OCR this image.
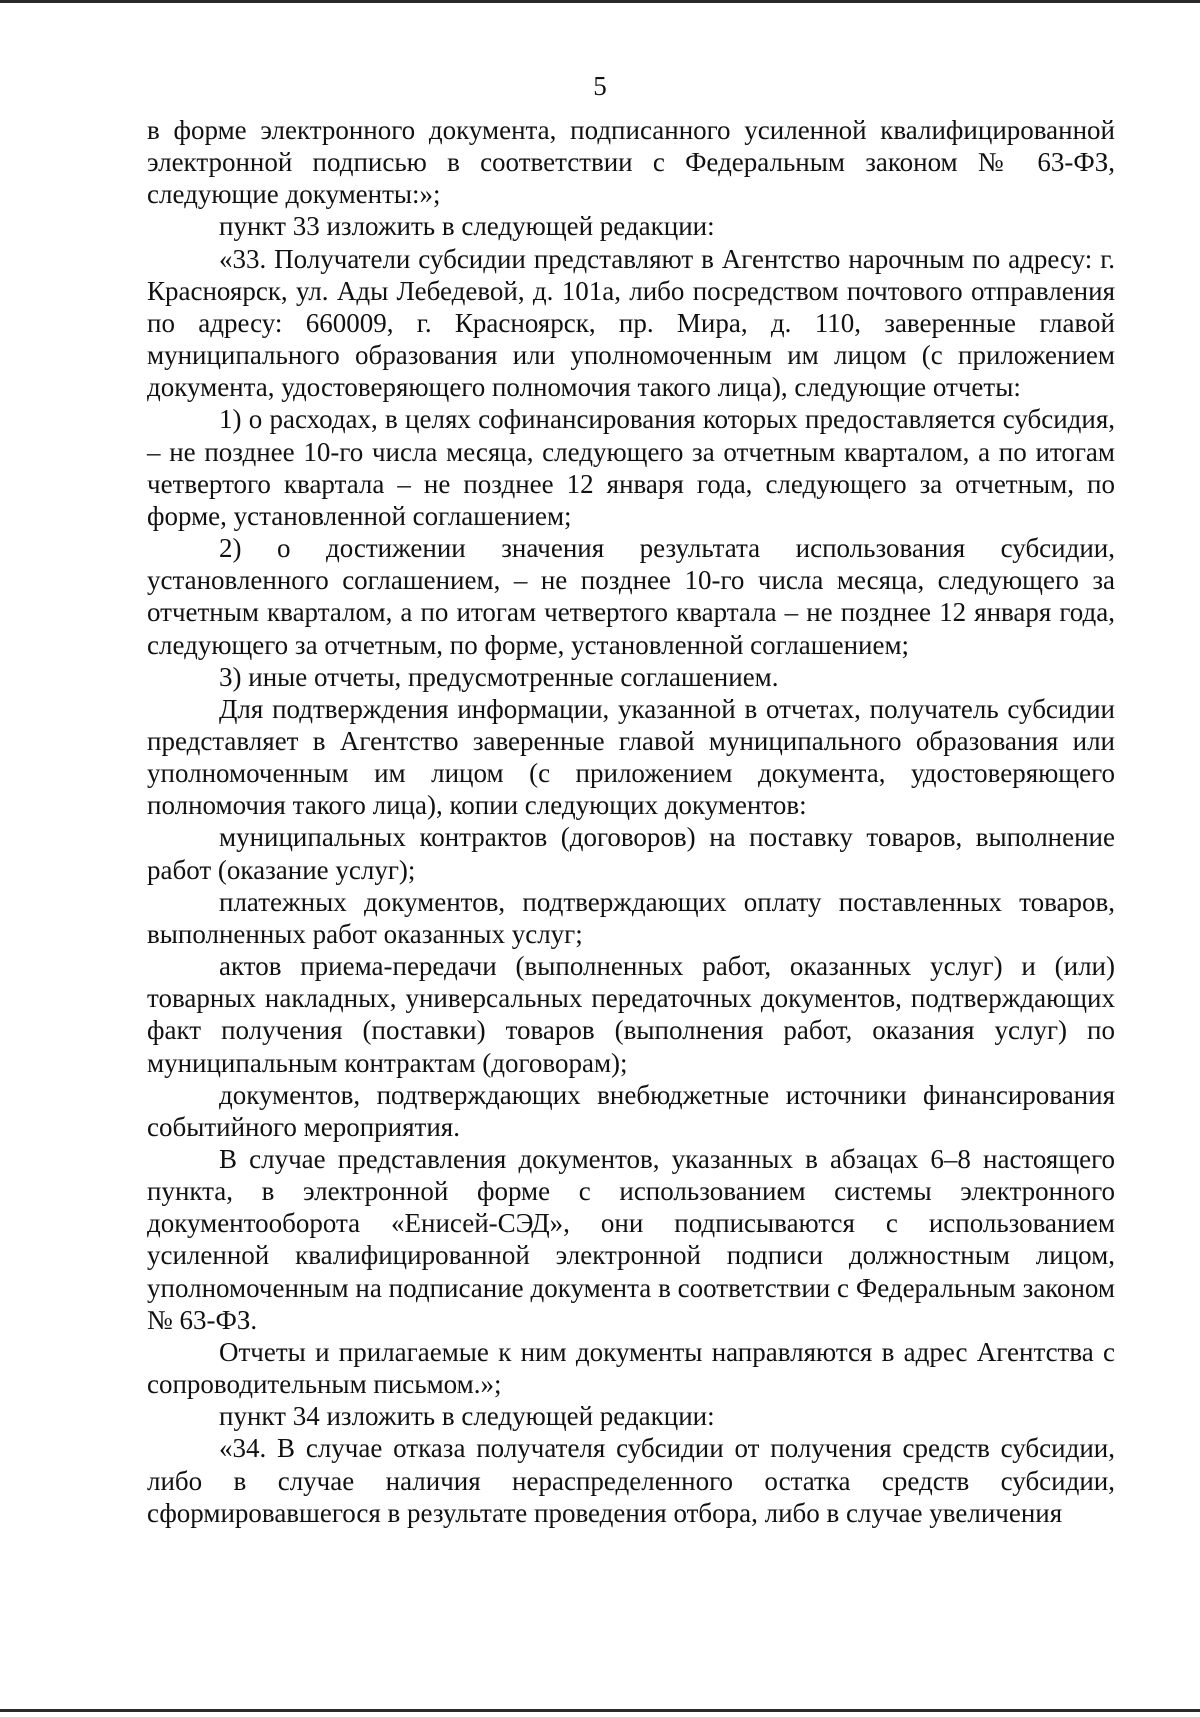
5

в форме электронного документа, подписанного усиленной квалифицированной электронной подписью в соответствии с Федеральным законом № 63-ФЗ, следующие документы:»;

пункт 33 изложить в следующей редакции:

«33. Получатели субсидии представляют в Агентство нарочным по адресу: г. Красноярск, ул. Ады Лебедевой, д. 101а, либо посредством почтового отправления по адресу: 660009, г. Красноярск, пр. Мира, д. 110, заверенные главой муниципального образования или уполномоченным им лицом (с приложением документа, удостоверяющего полномочия такого лица), следующие отчеты:

1) о расходах, в целях софинансирования которых предоставляется субсидия, – не позднее 10-го числа месяца, следующего за отчетным кварталом, а по итогам четвертого квартала – не позднее 12 января года, следующего за отчетным, по форме, установленной соглашением;

2) о достижении значения результата использования субсидии, установленного соглашением, – не позднее 10-го числа месяца, следующего за отчетным кварталом, а по итогам четвертого квартала – не позднее 12 января года, следующего за отчетным, по форме, установленной соглашением;

3) иные отчеты, предусмотренные соглашением.

Для подтверждения информации, указанной в отчетах, получатель субсидии представляет в Агентство заверенные главой муниципального образования или уполномоченным им лицом (с приложением документа, удостоверяющего полномочия такого лица), копии следующих документов:

муниципальных контрактов (договоров) на поставку товаров, выполнение работ (оказание услуг);

платежных документов, подтверждающих оплату поставленных товаров, выполненных работ оказанных услуг;

актов приема-передачи (выполненных работ, оказанных услуг) и (или) товарных накладных, универсальных передаточных документов, подтверждающих факт получения (поставки) товаров (выполнения работ, оказания услуг) по муниципальным контрактам (договорам);

документов, подтверждающих внебюджетные источники финансирования событийного мероприятия.

В случае представления документов, указанных в абзацах 6–8 настоящего пункта, в электронной форме с использованием системы электронного документооборота «Енисей-СЭД», они подписываются с использованием усиленной квалифицированной электронной подписи должностным лицом, уполномоченным на подписание документа в соответствии с Федеральным законом № 63-ФЗ.

Отчеты и прилагаемые к ним документы направляются в адрес Агентства с сопроводительным письмом.»;

пункт 34 изложить в следующей редакции:

«34. В случае отказа получателя субсидии от получения средств субсидии, либо в случае наличия нераспределенного остатка средств субсидии, сформировавшегося в результате проведения отбора, либо в случае увеличения
